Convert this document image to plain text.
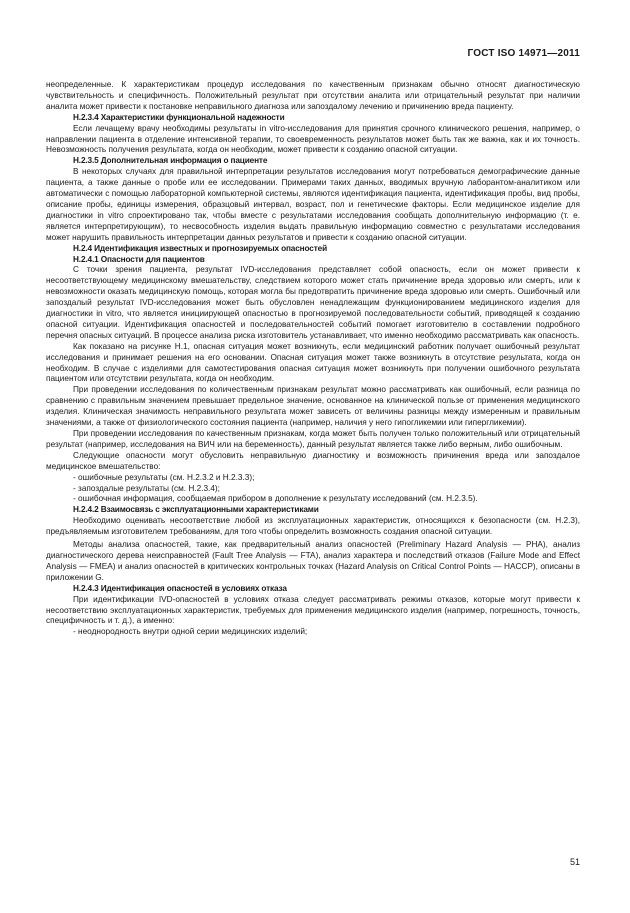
ГОСТ ISO 14971—2011

неопределенные. К характеристикам процедур исследования по качественным признакам обычно относят диагностическую чувствительность и специфичность. Положительный результат при отсутствии аналита или отрицательный результат при наличии аналита может привести к постановке неправильного диагноза или запоздалому лечению и причинению вреда пациенту.

H.2.3.4 Характеристики функциональной надежности

Если лечащему врачу необходимы результаты in vitro-исследования для принятия срочного клинического решения, например, о направлении пациента в отделение интенсивной терапии, то своевременность результатов может быть так же важна, как и их точность. Невозможность получения результата, когда он необходим, может привести к созданию опасной ситуации.

H.2.3.5 Дополнительная информация о пациенте

В некоторых случаях для правильной интерпретации результатов исследования могут потребоваться демографические данные пациента, а также данные о пробе или ее исследовании. Примерами таких данных, вводимых вручную лаборантом-аналитиком или автоматически с помощью лабораторной компьютерной системы, являются идентификация пациента, идентификация пробы, вид пробы, описание пробы, единицы измерения, образцовый интервал, возраст, пол и генетические факторы. Если медицинское изделие для диагностики in vitro спроектировано так, чтобы вместе с результатами исследования сообщать дополнительную информацию (т. е. является интерпретирующим), то несвособность изделия выдать правильную информацию совместно с результатами исследования может нарушить правильность интерпретации данных результатов и привести к созданию опасной ситуации.

H.2.4 Идентификация известных и прогнозируемых опасностей

H.2.4.1 Опасности для пациентов

С точки зрения пациента, результат IVD-исследования представляет собой опасность, если он может привести к несоответствующему медицинскому вмешательству, следствием которого может стать причинение вреда здоровью или смерть, или к невозможности оказать медицинскую помощь, которая могла бы предотвратить причинение вреда здоровью или смерть. Ошибочный или запоздалый результат IVD-исследования может быть обусловлен ненадлежащим функционированием медицинского изделия для диагностики in vitro, что является инициирующей опасностью в прогнозируемой последовательности событий, приводящей к созданию опасной ситуации. Идентификация опасностей и последовательностей событий помогает изготовителю в составлении подробного перечня опасных ситуаций. В процессе анализа риска изготовитель устанавливает, что именно необходимо рассматривать как опасность.

Как показано на рисунке H.1, опасная ситуация может возникнуть, если медицинский работник получает ошибочный результат исследования и принимает решения на его основании. Опасная ситуация может также возникнуть в отсутствие результата, когда он необходим. В случае с изделиями для самотестирования опасная ситуация может возникнуть при получении ошибочного результата пациентом или отсутствии результата, когда он необходим.

При проведении исследования по количественным признакам результат можно рассматривать как ошибочный, если разница по сравнению с правильным значением превышает предельное значение, основанное на клинической пользе от применения медицинского изделия. Клиническая значимость неправильного результата может зависеть от величины разницы между измеренным и правильным значениями, а также от физиологического состояния пациента (например, наличия у него гипогликемии или гипергликемии).

При проведении исследования по качественным признакам, когда может быть получен только положительный или отрицательный результат (например, исследования на ВИЧ или на беременность), данный результат является также либо верным, либо ошибочным.

Следующие опасности могут обусловить неправильную диагностику и возможность причинения вреда или запоздалое медицинское вмешательство:

- ошибочные результаты (см. H.2.3.2 и H.2.3.3);

- запоздалые результаты (см. H.2.3.4);

- ошибочная информация, сообщаемая прибором в дополнение к результату исследований (см. H.2.3.5).

H.2.4.2 Взаимосвязь с эксплуатационными характеристиками

Необходимо оценивать несоответствие любой из эксплуатационных характеристик, относящихся к безопасности (см. H.2.3), предъявляемым изготовителем требованиям, для того чтобы определить возможность создания опасной ситуации.

Методы анализа опасностей, такие, как предварительный анализ опасностей (Preliminary Hazard Analysis — PHA), анализ диагностического дерева неисправностей (Fault Tree Analysis — FTA), анализ характера и последствий отказов (Failure Mode and Effect Analysis — FMEA) и анализ опасностей в критических контрольных точках (Hazard Analysis on Critical Control Points — HACCP), описаны в приложении G.

H.2.4.3 Идентификация опасностей в условиях отказа

При идентификации IVD-опасностей в условиях отказа следует рассматривать режимы отказов, которые могут привести к несоответствию эксплуатационных характеристик, требуемых для применения медицинского изделия (например, погрешность, точность, специфичность и т. д.), а именно:

- неоднородность внутри одной серии медицинских изделий;

51
